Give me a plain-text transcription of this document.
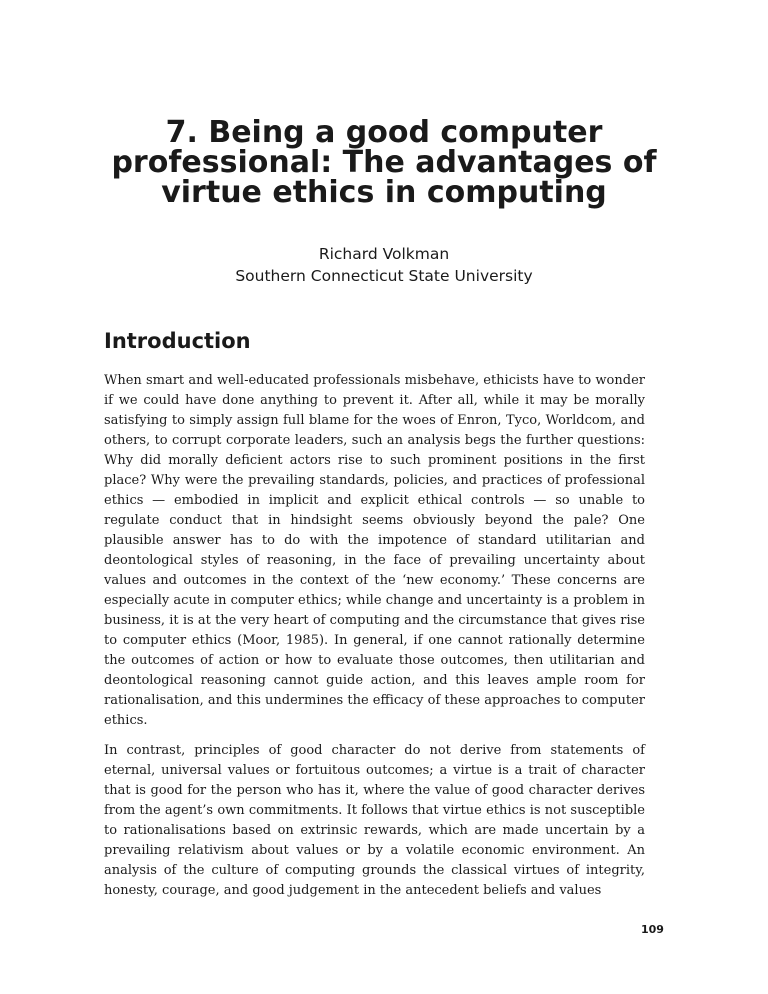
7. Being a good computer
professional: The advantages of
virtue ethics in computing
Richard Volkman
Southern Connecticut State University
Introduction

When smart and well-educated professionals misbehave, ethicists have to wonder if we could have done anything to prevent it. After all, while it may be morally satisfying to simply assign full blame for the woes of Enron, Tyco, Worldcom, and others, to corrupt corporate leaders, such an analysis begs the further questions: Why did morally deficient actors rise to such prominent positions in the first place? Why were the prevailing standards, policies, and practices of professional ethics — embodied in implicit and explicit ethical controls — so unable to regulate conduct that in hindsight seems obviously beyond the pale? One plausible answer has to do with the impotence of standard utilitarian and deontological styles of reasoning, in the face of prevailing uncertainty about values and outcomes in the context of the ‘new economy.’ These concerns are especially acute in computer ethics; while change and uncertainty is a problem in business, it is at the very heart of computing and the circumstance that gives rise to computer ethics (Moor, 1985). In general, if one cannot rationally determine the outcomes of action or how to evaluate those outcomes, then utilitarian and deontological reasoning cannot guide action, and this leaves ample room for rationalisation, and this undermines the efficacy of these approaches to computer ethics.

In contrast, principles of good character do not derive from statements of eternal, universal values or fortuitous outcomes; a virtue is a trait of character that is good for the person who has it, where the value of good character derives from the agent’s own commitments. It follows that virtue ethics is not susceptible to rationalisations based on extrinsic rewards, which are made uncertain by a prevailing relativism about values or by a volatile economic environment. An analysis of the culture of computing grounds the classical virtues of integrity, honesty, courage, and good judgement in the antecedent beliefs and values

109
